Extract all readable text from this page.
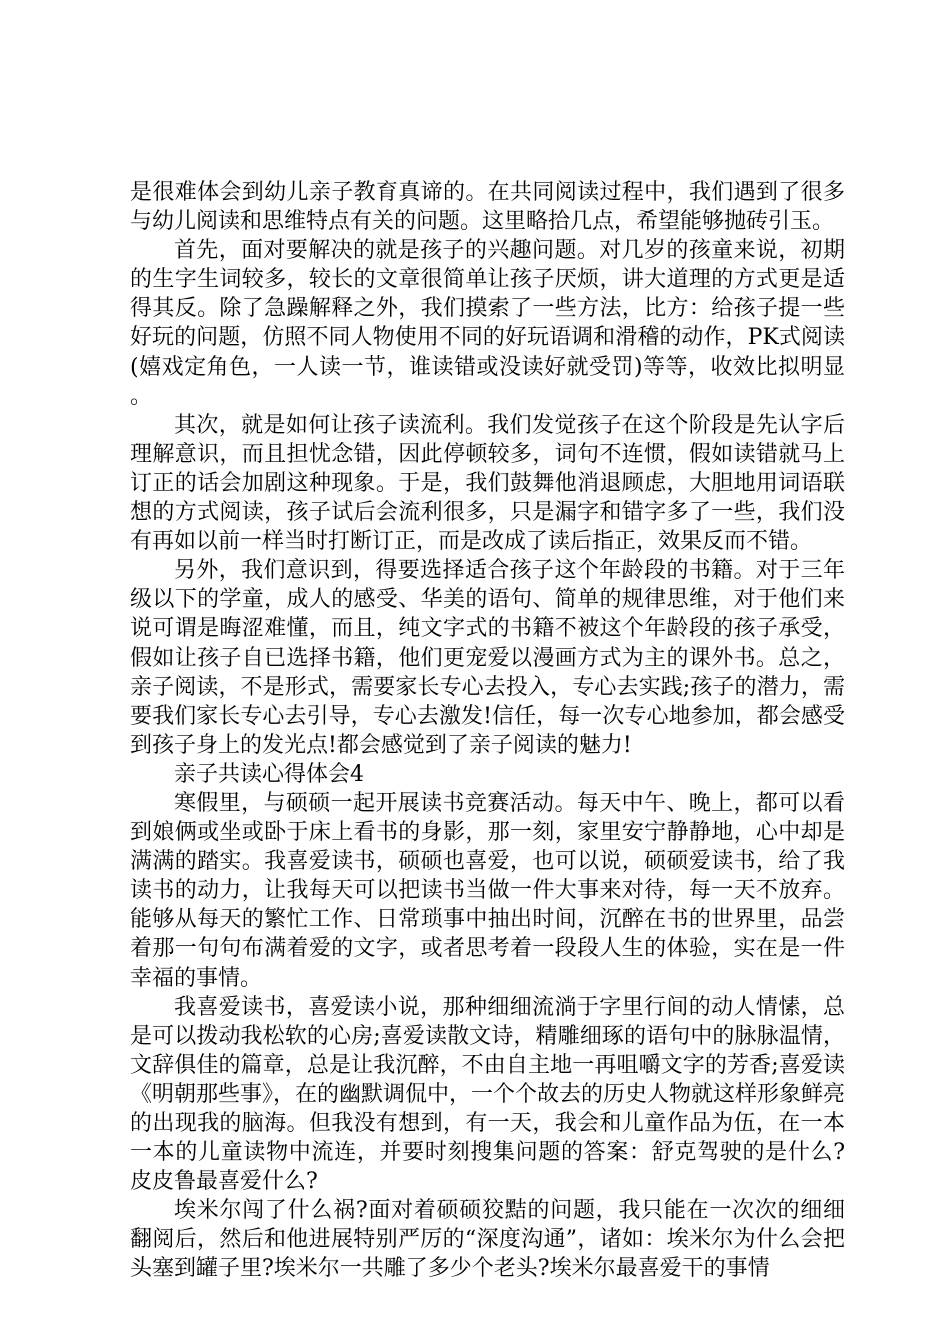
是很难体会到幼儿亲子教育真谛的。在共同阅读过程中，我们遇到了很多与幼儿阅读和思维特点有关的问题。这里略拾几点，希望能够抛砖引玉。

首先，面对要解决的就是孩子的兴趣问题。对几岁的孩童来说，初期的生字生词较多，较长的文章很简单让孩子厌烦，讲大道理的方式更是适得其反。除了急躁解释之外，我们摸索了一些方法，比方：给孩子提一些好玩的问题，仿照不同人物使用不同的好玩语调和滑稽的动作，PK式阅读(嬉戏定角色，一人读一节，谁读错或没读好就受罚)等等，收效比拟明显。

其次，就是如何让孩子读流利。我们发觉孩子在这个阶段是先认字后理解意识，而且担忧念错，因此停顿较多，词句不连惯，假如读错就马上订正的话会加剧这种现象。于是，我们鼓舞他消退顾虑，大胆地用词语联想的方式阅读，孩子试后会流利很多，只是漏字和错字多了一些，我们没有再如以前一样当时打断订正，而是改成了读后指正，效果反而不错。

另外，我们意识到，得要选择适合孩子这个年龄段的书籍。对于三年级以下的学童，成人的感受、华美的语句、简单的规律思维，对于他们来说可谓是晦涩难懂，而且，纯文字式的书籍不被这个年龄段的孩子承受，假如让孩子自已选择书籍，他们更宠爱以漫画方式为主的课外书。总之，亲子阅读，不是形式，需要家长专心去投入，专心去实践;孩子的潜力，需要我们家长专心去引导，专心去激发!信任，每一次专心地参加，都会感受到孩子身上的发光点!都会感觉到了亲子阅读的魅力!

亲子共读心得体会4

寒假里，与硕硕一起开展读书竞赛活动。每天中午、晚上，都可以看到娘俩或坐或卧于床上看书的身影，那一刻，家里安宁静静地，心中却是满满的踏实。我喜爱读书，硕硕也喜爱，也可以说，硕硕爱读书，给了我读书的动力，让我每天可以把读书当做一件大事来对待，每一天不放弃。能够从每天的繁忙工作、日常琐事中抽出时间，沉醉在书的世界里，品尝着那一句句布满着爱的文字，或者思考着一段段人生的体验，实在是一件幸福的事情。

我喜爱读书，喜爱读小说，那种细细流淌于字里行间的动人情愫，总是可以拨动我松软的心房;喜爱读散文诗，精雕细琢的语句中的脉脉温情，文辞俱佳的篇章，总是让我沉醉，不由自主地一再咀嚼文字的芳香;喜爱读《明朝那些事》，在的幽默调侃中，一个个故去的历史人物就这样形象鲜亮的出现我的脑海。但我没有想到，有一天，我会和儿童作品为伍，在一本一本的儿童读物中流连，并要时刻搜集问题的答案：舒克驾驶的是什么?皮皮鲁最喜爱什么?

埃米尔闯了什么祸?面对着硕硕狡黠的问题，我只能在一次次的细细翻阅后，然后和他进展特别严厉的“深度沟通”，诸如：埃米尔为什么会把头塞到罐子里?埃米尔一共雕了多少个老头?埃米尔最喜爱干的事情
